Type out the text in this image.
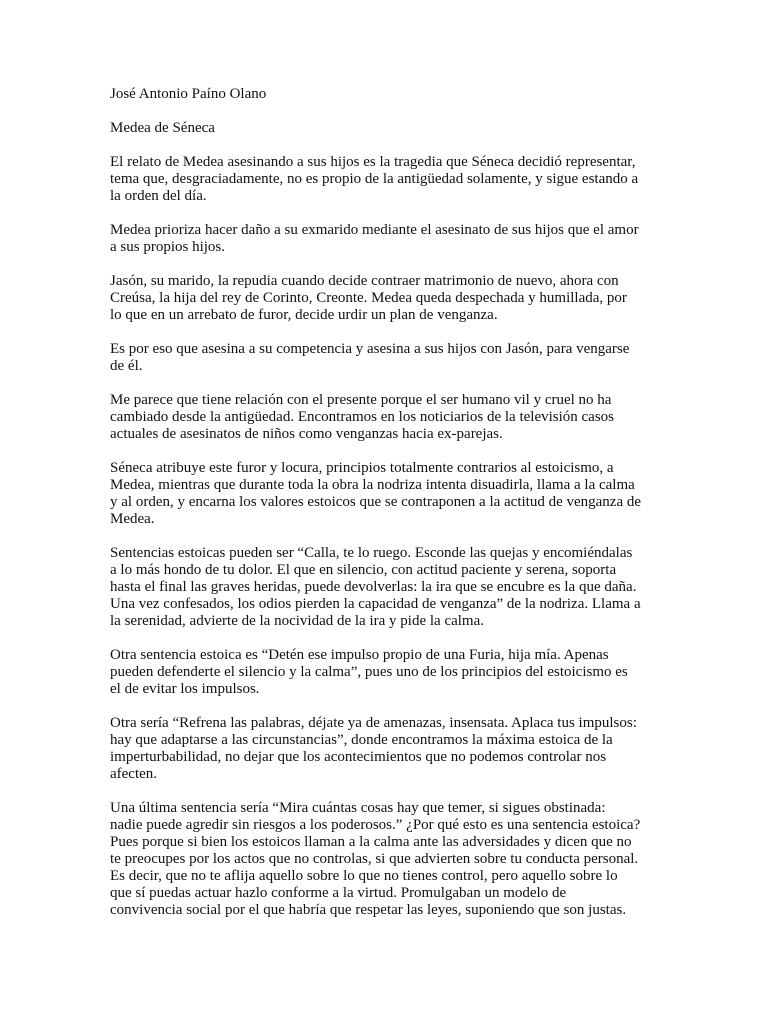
José Antonio Paíno Olano
Medea de Séneca
El relato de Medea asesinando a sus hijos es la tragedia que Séneca decidió representar,
tema que, desgraciadamente, no es propio de la antigüedad solamente, y sigue estando a
la orden del día.
Medea prioriza hacer daño a su exmarido mediante el asesinato de sus hijos que el amor
a sus propios hijos.
Jasón, su marido, la repudia cuando decide contraer matrimonio de nuevo, ahora con
Creúsa, la hija del rey de Corinto, Creonte. Medea queda despechada y humillada, por
lo que en un arrebato de furor, decide urdir un plan de venganza.
Es por eso que asesina a su competencia y asesina a sus hijos con Jasón, para vengarse
de él.
Me parece que tiene relación con el presente porque el ser humano vil y cruel no ha
cambiado desde la antigüedad. Encontramos en los noticiarios de la televisión casos
actuales de asesinatos de niños como venganzas hacia ex-parejas.
Séneca atribuye este furor y locura, principios totalmente contrarios al estoicismo, a
Medea, mientras que durante toda la obra la nodriza intenta disuadirla, llama a la calma
y al orden, y encarna los valores estoicos que se contraponen a la actitud de venganza de
Medea.
Sentencias estoicas pueden ser “Calla, te lo ruego. Esconde las quejas y encomiéndalas
a lo más hondo de tu dolor. El que en silencio, con actitud paciente y serena, soporta
hasta el final las graves heridas, puede devolverlas: la ira que se encubre es la que daña.
Una vez confesados, los odios pierden la capacidad de venganza” de la nodriza. Llama a
la serenidad, advierte de la nocividad de la ira y pide la calma.
Otra sentencia estoica es “Detén ese impulso propio de una Furia, hija mía. Apenas
pueden defenderte el silencio y la calma”, pues uno de los principios del estoicismo es
el de evitar los impulsos.
Otra sería “Refrena las palabras, déjate ya de amenazas, insensata. Aplaca tus impulsos:
hay que adaptarse a las circunstancias”, donde encontramos la máxima estoica de la
imperturbabilidad, no dejar que los acontecimientos que no podemos controlar nos
afecten.
Una última sentencia sería “Mira cuántas cosas hay que temer, si sigues obstinada:
nadie puede agredir sin riesgos a los poderosos.” ¿Por qué esto es una sentencia estoica?
Pues porque si bien los estoicos llaman a la calma ante las adversidades y dicen que no
te preocupes por los actos que no controlas, si que advierten sobre tu conducta personal.
Es decir, que no te aflija aquello sobre lo que no tienes control, pero aquello sobre lo
que sí puedas actuar hazlo conforme a la virtud. Promulgaban un modelo de
convivencia social por el que habría que respetar las leyes, suponiendo que son justas.
